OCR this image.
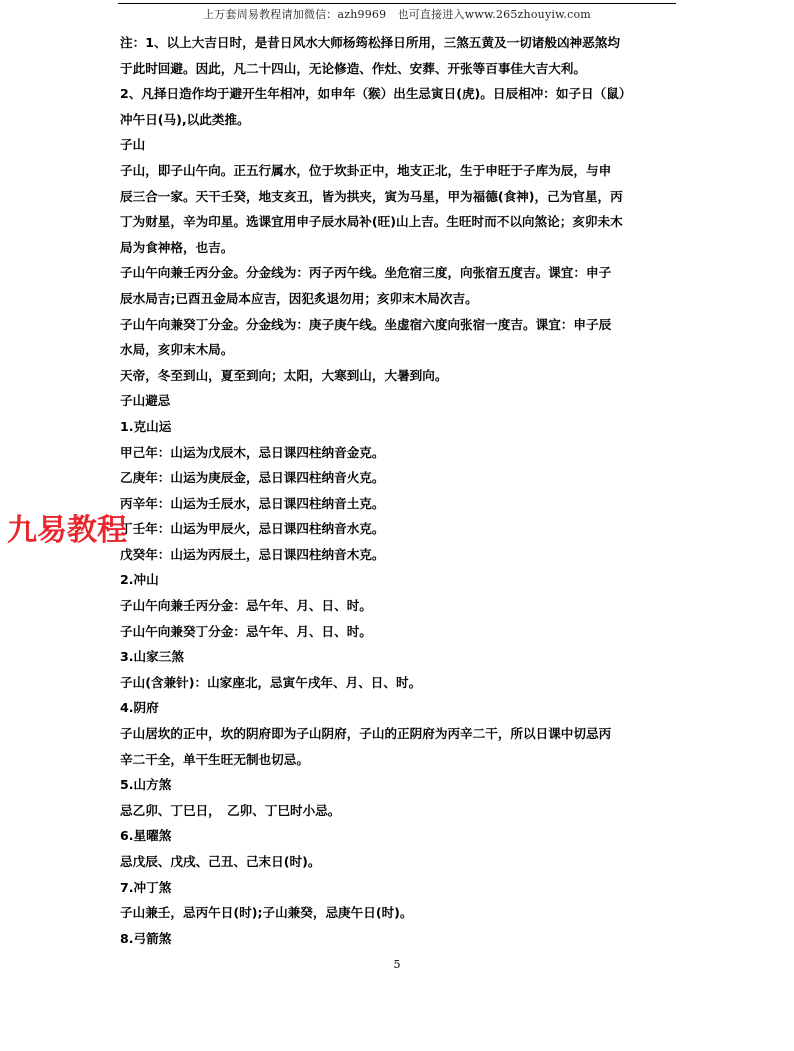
上万套周易教程请加微信：azh9969　也可直接进入www.265zhouyiw.com
注：1、以上大吉日时，是昔日风水大师杨筠松择日所用，三煞五黄及一切诸般凶神恶煞均
于此时回避。因此，凡二十四山，无论修造、作灶、安葬、开张等百事佳大吉大利。
2、凡择日造作均于避开生年相冲，如申年（猴）出生忌寅日(虎)。日辰相冲：如子日（鼠）
冲午日(马),以此类推。
子山
子山，即子山午向。正五行属水，位于坎卦正中，地支正北，生于申旺于子库为辰，与申
辰三合一家。天干壬癸，地支亥丑，皆为拱夹，寅为马星，甲为福德(食神)，己为官星，丙
丁为财星，辛为印星。选课宜用申子辰水局补(旺)山上吉。生旺时而不以向煞论；亥卯未木
局为食神格，也吉。
子山午向兼壬丙分金。分金线为：丙子丙午线。坐危宿三度，向张宿五度吉。课宜：申子
辰水局吉;已酉丑金局本应吉，因犯炙退勿用；亥卯末木局次吉。
子山午向兼癸丁分金。分金线为：庚子庚午线。坐虚宿六度向张宿一度吉。课宜：申子辰
水局，亥卯末木局。
天帝，冬至到山，夏至到向；太阳，大寒到山，大暑到向。
子山避忌
1.克山运
甲己年：山运为戊辰木，忌日课四柱纳音金克。
乙庚年：山运为庚辰金，忌日课四柱纳音火克。
丙辛年：山运为壬辰水，忌日课四柱纳音土克。
丁壬年：山运为甲辰火，忌日课四柱纳音水克。
戊癸年：山运为丙辰土，忌日课四柱纳音木克。
2.冲山
子山午向兼壬丙分金：忌午年、月、日、时。
子山午向兼癸丁分金：忌午年、月、日、时。
3.山家三煞
子山(含兼针)：山家座北，忌寅午戌年、月、日、时。
4.阴府
子山居坎的正中，坎的阴府即为子山阴府，子山的正阴府为丙辛二干，所以日课中切忌丙
辛二干全，单干生旺无制也切忌。
5.山方煞
忌乙卯、丁巳日，　乙卯、丁巳时小忌。
6.星曜煞
忌戊辰、戊戌、己丑、己末日(时)。
7.冲丁煞
子山兼壬，忌丙午日(时);子山兼癸，忌庚午日(时)。
8.弓箭煞
九易教程
5
